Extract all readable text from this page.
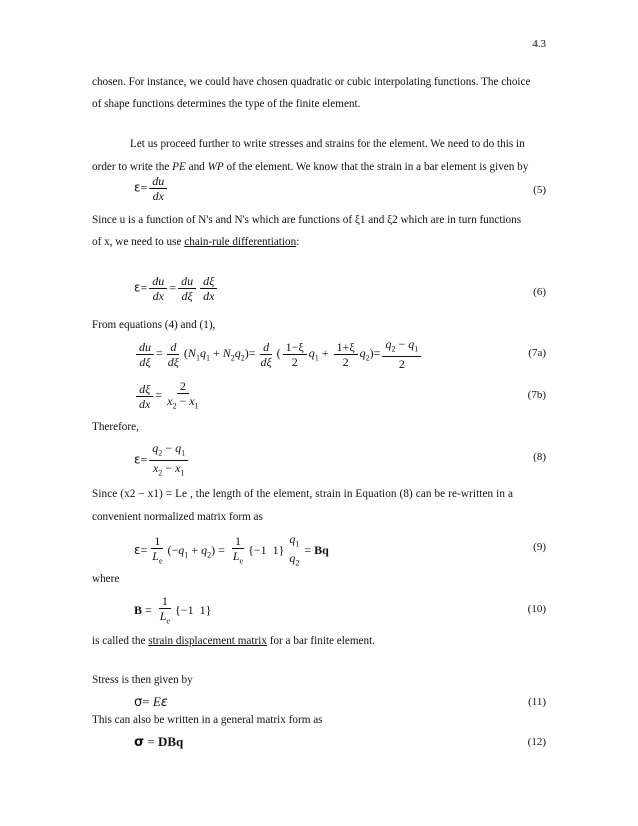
4.3
chosen. For instance, we could have chosen quadratic or cubic interpolating functions. The choice
of shape functions determines the type of the finite element.
Let us proceed further to write stresses and strains for the element. We need to do this in
order to write the PE and WP of the element. We know that the strain in a bar element is given by
$\varepsilon= \frac{du}{dx}$	(5)
Since u is a function of N's and N's which are functions of ξ1 and ξ2 which are in turn functions
of x, we need to use chain-rule differentiation:
$\varepsilon= \frac{du}{dx} = \frac{du}{d\xi} \frac{d\xi}{dx}$	(6)
From equations (4) and (1),
$\frac{du}{d\xi} = \frac{d}{d\xi} (N_1q_1 + N_2q_2)= \frac{d}{d\xi}$ ( $\frac{1-\xi}{2} q_1 + \frac{1+\xi}{2} q_2)= \frac{q_2 - q_1}{2}$	(7a)
$\frac{d\xi}{dx} = \frac{2}{x_2 - x_1}$	(7b)
Therefore,
$\varepsilon= \frac{q_2 - q_1}{x_2 - x_1}$	(8)
Since (x2 − x1) = Le , the length of the element, strain in Equation (8) can be re-written in a
convenient normalized matrix form as
$\varepsilon= \frac{1}{L_e} (-q_1 + q_2) = \frac{1}{L_e} \{-1$  1}
$q_1$
$q_2$
= Bq	(9)
where
$B = \frac{1}{L_e} \{-1$  1}	(10)
is called the strain displacement matrix for a bar finite element.
Stress is then given by
σ= Eε	(11)
This can also be written in a general matrix form as
σ = DBq	(12)
